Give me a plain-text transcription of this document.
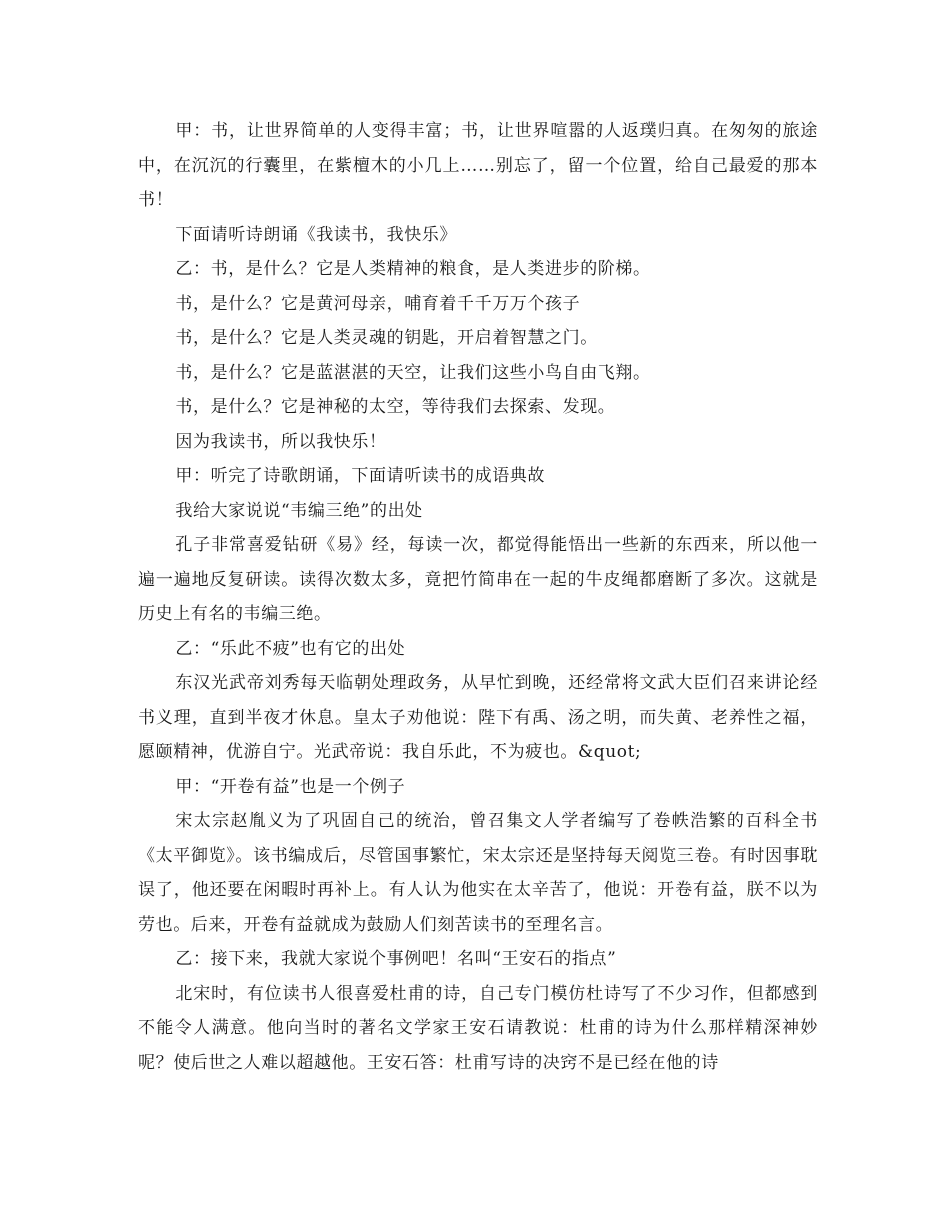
甲：书，让世界简单的人变得丰富；书，让世界喧嚣的人返璞归真。在匆匆的旅途中，在沉沉的行囊里，在紫檀木的小几上……别忘了，留一个位置，给自己最爱的那本书！

下面请听诗朗诵《我读书，我快乐》

乙：书，是什么？它是人类精神的粮食，是人类进步的阶梯。

书，是什么？它是黄河母亲，哺育着千千万万个孩子

书，是什么？它是人类灵魂的钥匙，开启着智慧之门。

书，是什么？它是蓝湛湛的天空，让我们这些小鸟自由飞翔。

书，是什么？它是神秘的太空，等待我们去探索、发现。

因为我读书，所以我快乐！

甲：听完了诗歌朗诵，下面请听读书的成语典故

我给大家说说“韦编三绝”的出处

孔子非常喜爱钻研《易》经，每读一次，都觉得能悟出一些新的东西来，所以他一遍一遍地反复研读。读得次数太多，竟把竹简串在一起的牛皮绳都磨断了多次。这就是历史上有名的韦编三绝。

乙：“乐此不疲”也有它的出处

东汉光武帝刘秀每天临朝处理政务，从早忙到晚，还经常将文武大臣们召来讲论经书义理，直到半夜才休息。皇太子劝他说：陛下有禹、汤之明，而失黄、老养性之福，愿颐精神，优游自宁。光武帝说：我自乐此，不为疲也。&quot;

甲：“开卷有益”也是一个例子

宋太宗赵胤义为了巩固自己的统治，曾召集文人学者编写了卷帙浩繁的百科全书《太平御览》。该书编成后，尽管国事繁忙，宋太宗还是坚持每天阅览三卷。有时因事耽误了，他还要在闲暇时再补上。有人认为他实在太辛苦了，他说：开卷有益，朕不以为劳也。后来，开卷有益就成为鼓励人们刻苦读书的至理名言。

乙：接下来，我就大家说个事例吧！名叫“王安石的指点”

北宋时，有位读书人很喜爱杜甫的诗，自己专门模仿杜诗写了不少习作，但都感到不能令人满意。他向当时的著名文学家王安石请教说：杜甫的诗为什么那样精深神妙呢？使后世之人难以超越他。王安石答：杜甫写诗的决窍不是已经在他的诗
